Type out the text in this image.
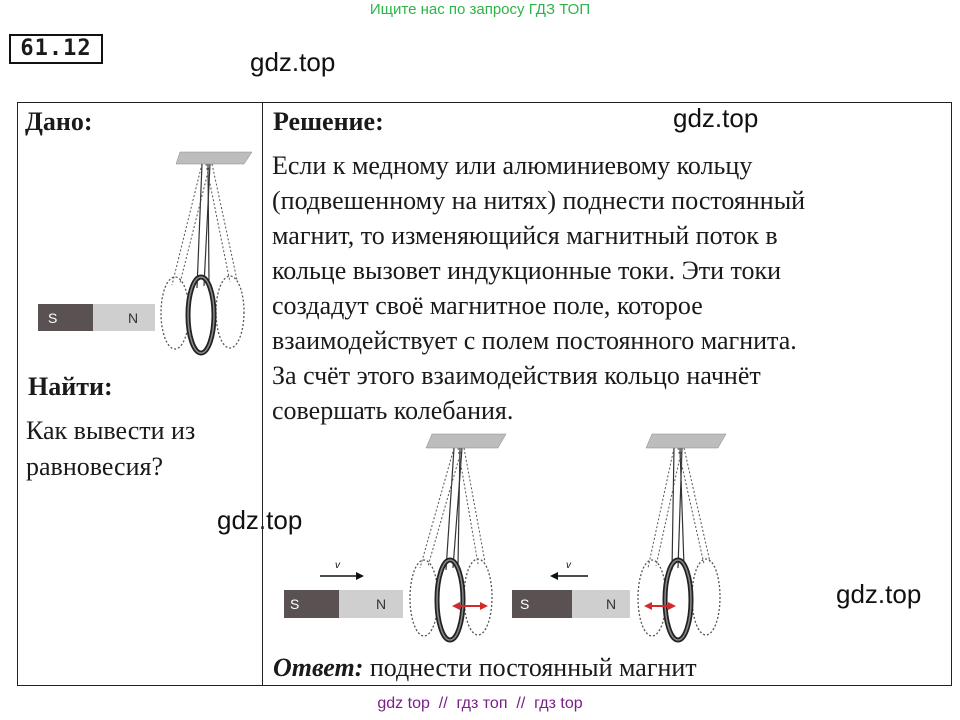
Ищите нас по запросу ГДЗ ТОП
61.12	gdz.top
gdz.top
gdz.top
gdz.top
Дано:
S	N
Найти:
Как вывести из
равновесия?
Решение:
Если к медному или алюминиевому кольцу
(подвешенному на нитях) поднести постоянный
магнит, то изменяющийся магнитный поток в
кольце вызовет индукционные токи. Эти токи
создадут своё магнитное поле, которое
взаимодействует с полем постоянного магнита.
За счёт этого взаимодействия кольцо начнёт
совершать колебания.
S	N
v
S	N
v
Ответ: поднести постоянный магнит
gdz top  //  гдз топ  //  гдз top
